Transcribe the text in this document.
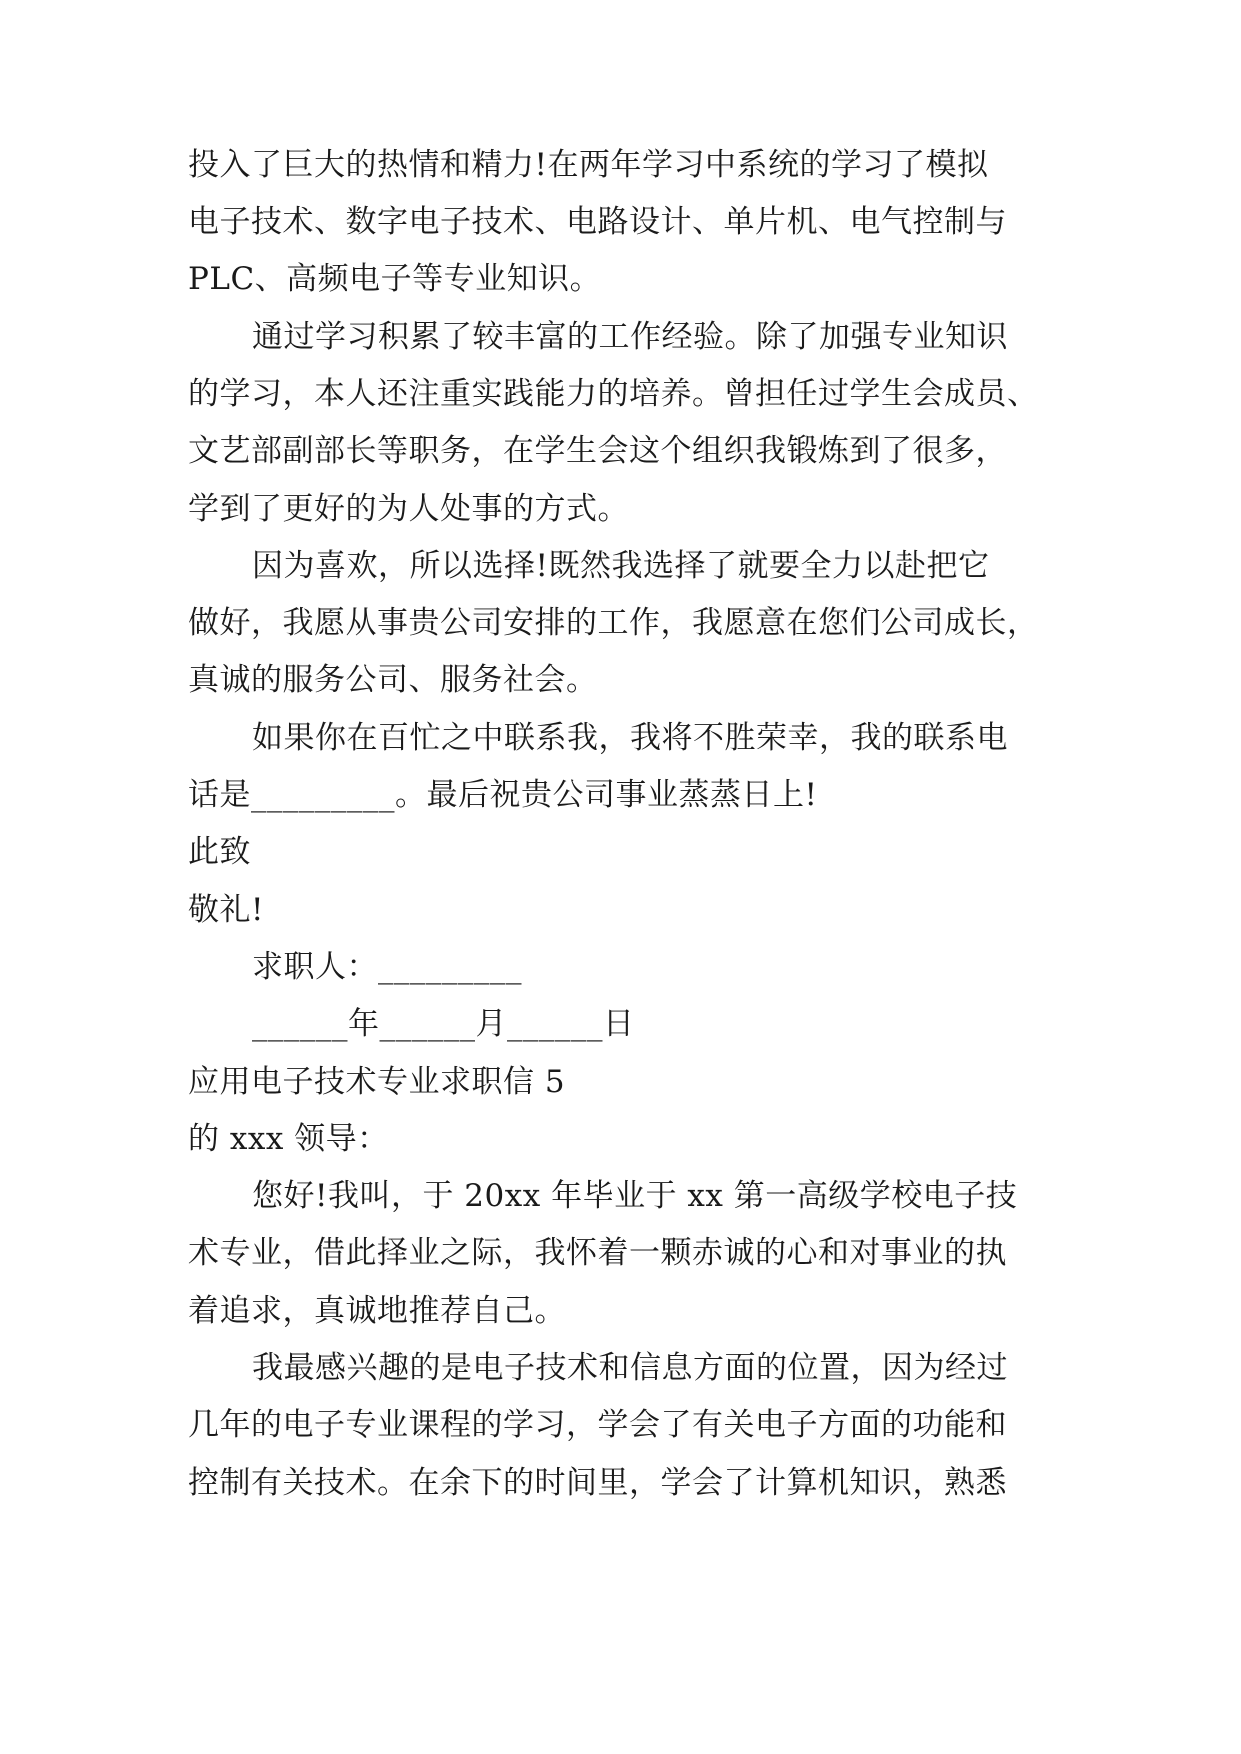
投入了巨大的热情和精力!在两年学习中系统的学习了模拟
电子技术、数字电子技术、电路设计、单片机、电气控制与
PLC、高频电子等专业知识。
通过学习积累了较丰富的工作经验。除了加强专业知识
的学习，本人还注重实践能力的培养。曾担任过学生会成员、
文艺部副部长等职务，在学生会这个组织我锻炼到了很多，
学到了更好的为人处事的方式。
因为喜欢，所以选择!既然我选择了就要全力以赴把它
做好，我愿从事贵公司安排的工作，我愿意在您们公司成长，
真诚的服务公司、服务社会。
如果你在百忙之中联系我，我将不胜荣幸，我的联系电
话是_________。最后祝贵公司事业蒸蒸日上!
此致
敬礼!
求职人：_________
______年______月______日
应用电子技术专业求职信 5
的 xxx 领导：
您好!我叫，于 20xx 年毕业于 xx 第一高级学校电子技
术专业，借此择业之际，我怀着一颗赤诚的心和对事业的执
着追求，真诚地推荐自己。
我最感兴趣的是电子技术和信息方面的位置，因为经过
几年的电子专业课程的学习，学会了有关电子方面的功能和
控制有关技术。在余下的时间里，学会了计算机知识，熟悉
